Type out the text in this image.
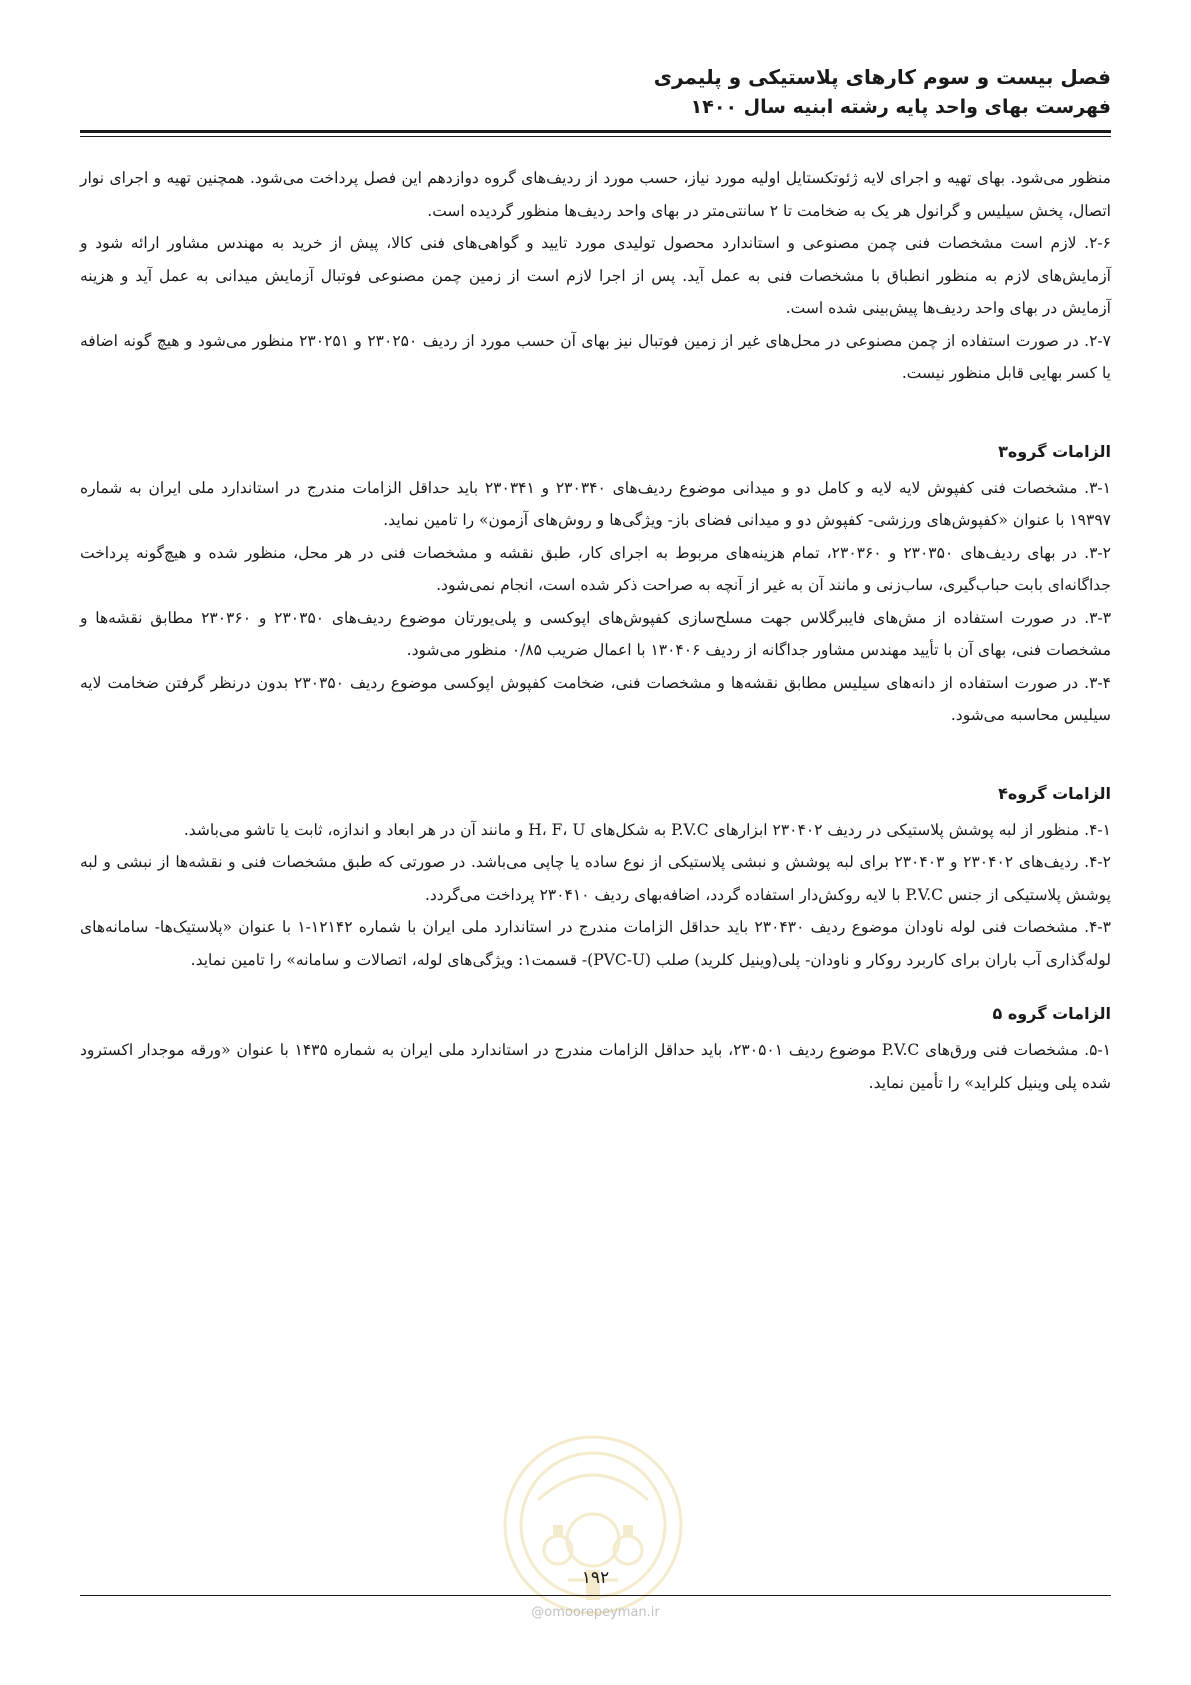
فصل بیست و سوم کارهای پلاستیکی و پلیمری
فهرست بهای واحد پایه رشته ابنیه سال ۱۴۰۰

منظور می‌شود. بهای تهیه و اجرای لایه ژئوتکستایل اولیه مورد نیاز، حسب مورد از ردیف‌های گروه دوازدهم این فصل پرداخت می‌شود. همچنین تهیه و اجرای نوار اتصال، پخش سیلیس و گرانول هر یک به ضخامت تا ۲ سانتی‌متر در بهای واحد ردیف‌ها منظور گردیده است.

۲-۶. لازم است مشخصات فنی چمن مصنوعی و استاندارد محصول تولیدی مورد تایید و گواهی‌های فنی کالا، پیش از خرید به مهندس مشاور ارائه شود و آزمایش‌های لازم به منظور انطباق با مشخصات فنی به عمل آید. پس از اجرا لازم است از زمین چمن مصنوعی فوتبال آزمایش میدانی به عمل آید و هزینه آزمایش در بهای واحد ردیف‌ها پیش‌بینی شده است.

۲-۷. در صورت استفاده از چمن مصنوعی در محل‌های غیر از زمین فوتبال نیز بهای آن حسب مورد از ردیف ۲۳۰۲۵۰ و ۲۳۰۲۵۱ منظور می‌شود و هیچ گونه اضافه یا کسر بهایی قابل منظور نیست.

الزامات گروه۳

۳-۱. مشخصات فنی کفپوش لایه لایه و کامل دو و میدانی موضوع ردیف‌های ۲۳۰۳۴۰ و ۲۳۰۳۴۱ باید حداقل الزامات مندرج در استاندارد ملی ایران به شماره ۱۹۳۹۷ با عنوان «کفپوش‌های ورزشی- کفپوش دو و میدانی فضای باز- ویژگی‌ها و روش‌های آزمون» را تامین نماید.

۳-۲. در بهای ردیف‌های ۲۳۰۳۵۰ و ۲۳۰۳۶۰، تمام هزینه‌های مربوط به اجرای کار، طبق نقشه و مشخصات فنی در هر محل، منظور شده و هیچ‌گونه پرداخت جداگانه‌ای بابت حباب‌گیری، ساب‌زنی و مانند آن به غیر از آنچه به صراحت ذکر شده است، انجام نمی‌شود.

۳-۳. در صورت استفاده از مش‌های فایبرگلاس جهت مسلح‌سازی کفپوش‌های اپوکسی و پلی‌یورتان موضوع ردیف‌های ۲۳۰۳۵۰ و ۲۳۰۳۶۰ مطابق نقشه‌ها و مشخصات فنی، بهای آن با تأیید مهندس مشاور جداگانه از ردیف ۱۳۰۴۰۶ با اعمال ضریب ۰/۸۵ منظور می‌شود.

۳-۴. در صورت استفاده از دانه‌های سیلیس مطابق نقشه‌ها و مشخصات فنی، ضخامت کفپوش اپوکسی موضوع ردیف ۲۳۰۳۵۰ بدون درنظر گرفتن ضخامت لایه سیلیس محاسبه می‌شود.

الزامات گروه۴

۴-۱. منظور از لبه پوشش پلاستیکی در ردیف ۲۳۰۴۰۲ ابزارهای P.V.C به شکل‌های H، F، U و مانند آن در هر ابعاد و اندازه، ثابت یا تاشو می‌باشد.

۴-۲. ردیف‌های ۲۳۰۴۰۲ و ۲۳۰۴۰۳ برای لبه پوشش و نبشی پلاستیکی از نوع ساده یا چاپی می‌باشد. در صورتی که طبق مشخصات فنی و نقشه‌ها از نبشی و لبه پوشش پلاستیکی از جنس P.V.C با لایه روکش‌دار استفاده گردد، اضافه‌بهای ردیف ۲۳۰۴۱۰ پرداخت می‌گردد.

۴-۳. مشخصات فنی لوله ناودان موضوع ردیف ۲۳۰۴۳۰ باید حداقل الزامات مندرج در استاندارد ملی ایران با شماره ۱۲۱۴۲-۱ با عنوان «پلاستیک‌ها- سامانه‌های لوله‌گذاری آب باران برای کاربرد روکار و ناودان- پلی(وینیل کلرید) صلب (PVC-U)- قسمت۱: ویژگی‌های لوله، اتصالات و سامانه» را تامین نماید.

الزامات گروه ۵

۵-۱. مشخصات فنی ورق‌های P.V.C موضوع ردیف ۲۳۰۵۰۱، باید حداقل الزامات مندرج در استاندارد ملی ایران به شماره ۱۴۳۵ با عنوان «ورقه موجدار اکسترود شده پلی وینیل کلراید» را تأمین نماید.

۱۹۲
@omoorepeyman.ir
